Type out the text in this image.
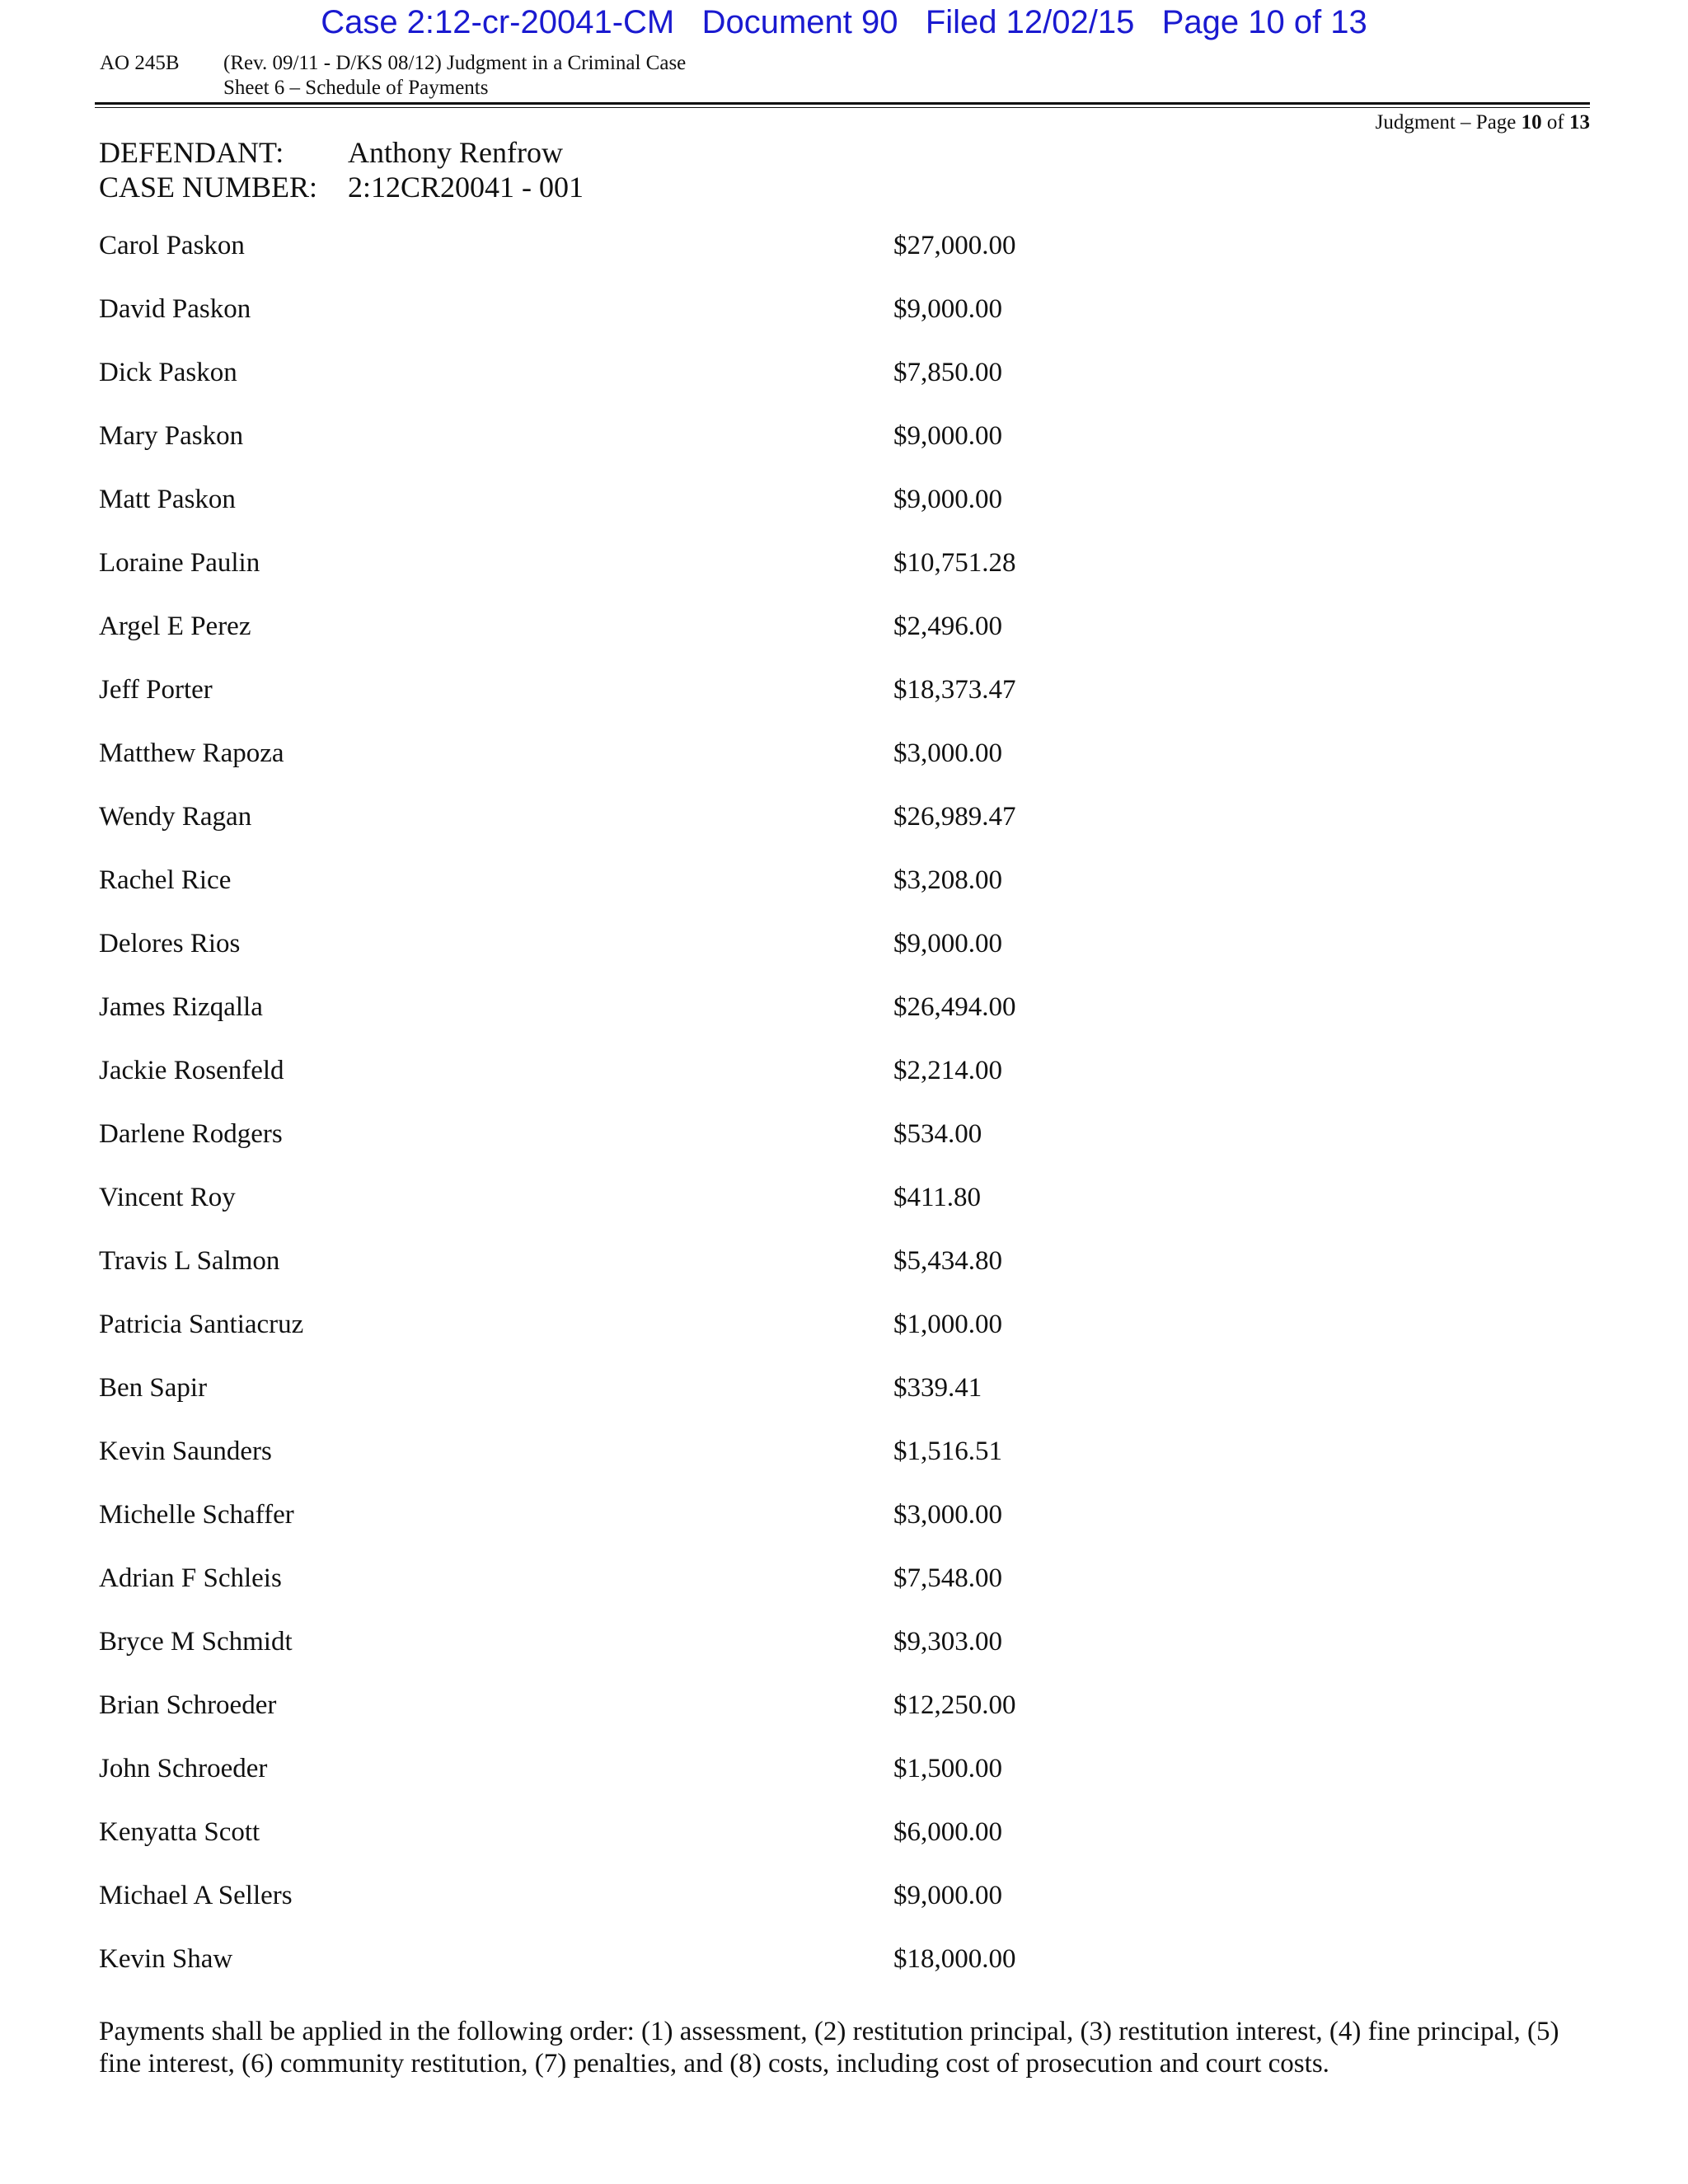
Case 2:12-cr-20041-CM   Document 90   Filed 12/02/15   Page 10 of 13
AO 245B (Rev. 09/11 - D/KS 08/12) Judgment in a Criminal Case
Sheet 6 – Schedule of Payments
Judgment – Page 10 of 13
DEFENDANT: Anthony Renfrow
CASE NUMBER: 2:12CR20041 - 001
Carol Paskon	$27,000.00
David Paskon	$9,000.00
Dick Paskon	$7,850.00
Mary Paskon	$9,000.00
Matt Paskon	$9,000.00
Loraine Paulin	$10,751.28
Argel E Perez	$2,496.00
Jeff Porter	$18,373.47
Matthew Rapoza	$3,000.00
Wendy Ragan	$26,989.47
Rachel Rice	$3,208.00
Delores Rios	$9,000.00
James Rizqalla	$26,494.00
Jackie Rosenfeld	$2,214.00
Darlene Rodgers	$534.00
Vincent Roy	$411.80
Travis L Salmon	$5,434.80
Patricia Santiacruz	$1,000.00
Ben Sapir	$339.41
Kevin Saunders	$1,516.51
Michelle Schaffer	$3,000.00
Adrian F Schleis	$7,548.00
Bryce M Schmidt	$9,303.00
Brian Schroeder	$12,250.00
John Schroeder	$1,500.00
Kenyatta Scott	$6,000.00
Michael A Sellers	$9,000.00
Kevin Shaw	$18,000.00
Payments shall be applied in the following order: (1) assessment, (2) restitution principal, (3) restitution interest, (4) fine principal, (5) fine interest, (6) community restitution, (7) penalties, and (8) costs, including cost of prosecution and court costs.
